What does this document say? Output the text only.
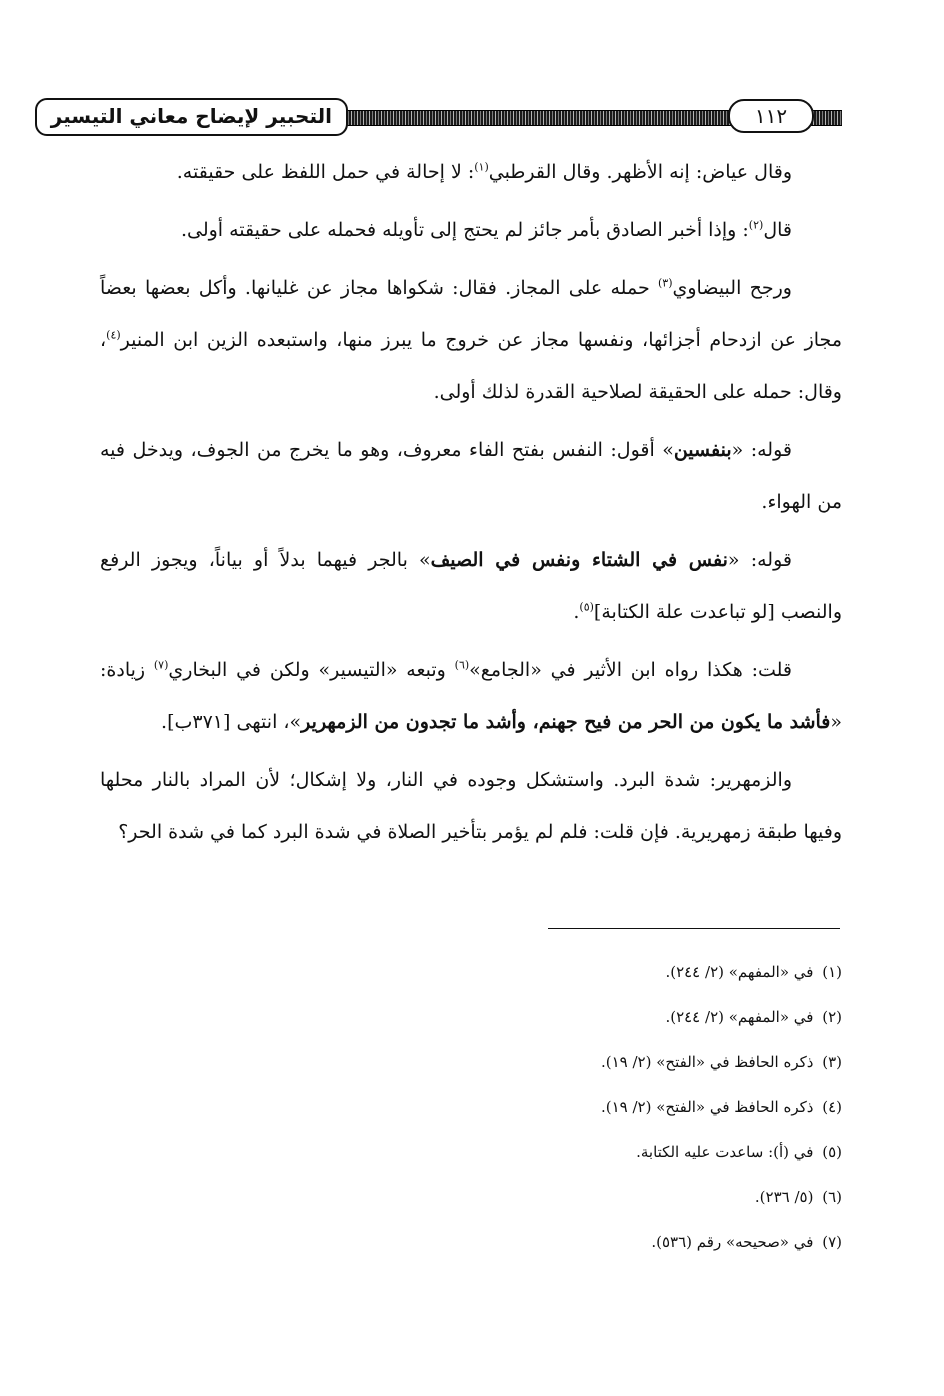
التحبير لإيضاح معاني التيسير	١١٢

وقال عياض: إنه الأظهر. وقال القرطبي$^{(١)}$: لا إحالة في حمل اللفظ على حقيقته.

قال$^{(٢)}$: وإذا أخبر الصادق بأمر جائز لم يحتج إلى تأويله فحمله على حقيقته أولى.

ورجح البيضاوي$^{(٣)}$ حمله على المجاز. فقال: شكواها مجاز عن غليانها. وأكل بعضها بعضاً مجاز عن ازدحام أجزائها، ونفسها مجاز عن خروج ما يبرز منها، واستبعده الزين ابن المنير$^{(٤)}$، وقال: حمله على الحقيقة لصلاحية القدرة لذلك أولى.

قوله: «بنفسين» أقول: النفس بفتح الفاء معروف، وهو ما يخرج من الجوف، ويدخل فيه من الهواء.

قوله: «نفس في الشتاء ونفس في الصيف» بالجر فيهما بدلاً أو بياناً، ويجوز الرفع والنصب [لو تباعدت علة الكتابة]$^{(٥)}$.

قلت: هكذا رواه ابن الأثير في «الجامع»$^{(٦)}$ وتبعه «التيسير» ولكن في البخاري$^{(٧)}$ زيادة: «فأشد ما يكون من الحر من فيح جهنم، وأشد ما تجدون من الزمهرير»، انتهى [٣٧١ب].

والزمهرير: شدة البرد. واستشكل وجوده في النار، ولا إشكال؛ لأن المراد بالنار محلها وفيها طبقة زمهريرية. فإن قلت: فلم لم يؤمر بتأخير الصلاة في شدة البرد كما في شدة الحر؟

(١) في «المفهم» (٢/ ٢٤٤).
(٢) في «المفهم» (٢/ ٢٤٤).
(٣) ذكره الحافظ في «الفتح» (٢/ ١٩).
(٤) ذكره الحافظ في «الفتح» (٢/ ١٩).
(٥) في (أ): ساعدت عليه الكتابة.
(٦) (٥/ ٢٣٦).
(٧) في «صحيحه» رقم (٥٣٦).
